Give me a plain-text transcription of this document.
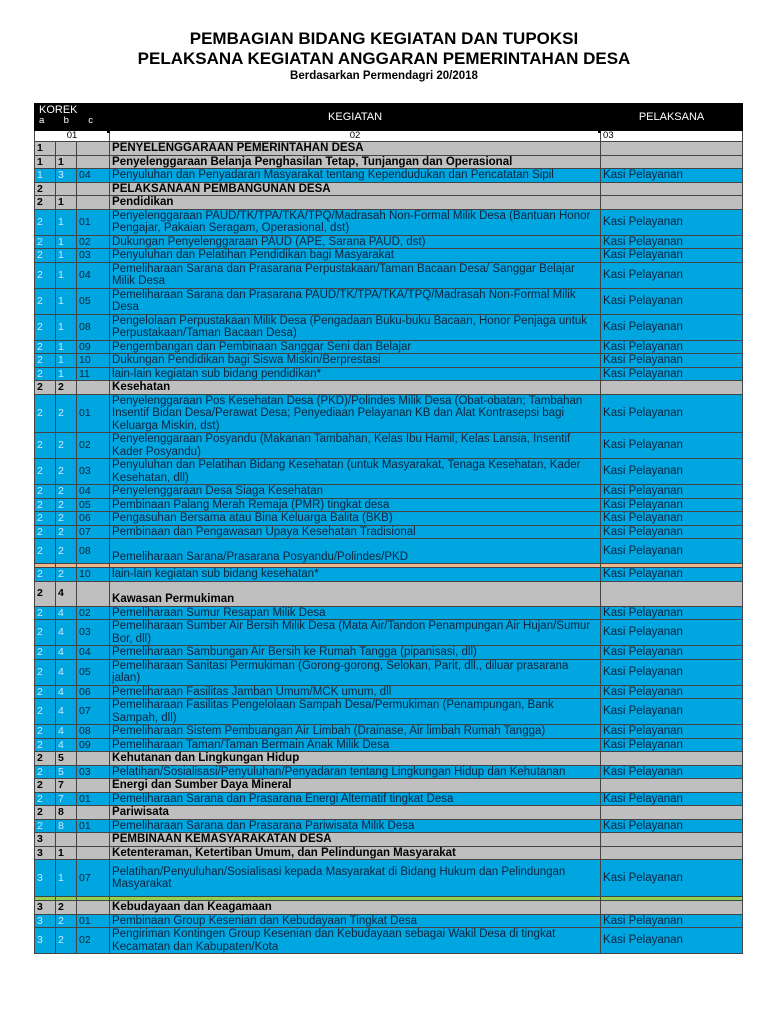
PEMBAGIAN BIDANG KEGIATAN DAN TUPOKSI
PELAKSANA KEGIATAN ANGGARAN PEMERINTAHAN DESA
Berdasarkan Permendagri 20/2018
KOREK
a b c			KEGIATAN	PELAKSANA
01			02	03
1			PENYELENGGARAAN PEMERINTAHAN DESA	
1	1		Penyelenggaraan Belanja Penghasilan Tetap, Tunjangan dan Operasional	
1	3	04	Penyuluhan dan Penyadaran Masyarakat tentang Kependudukan dan Pencatatan Sipil	Kasi Pelayanan
2			PELAKSANAAN PEMBANGUNAN DESA	
2	1		Pendidikan	
2	1	01	Penyelenggaraan PAUD/TK/TPA/TKA/TPQ/Madrasah Non-Formal Milik Desa (Bantuan Honor Pengajar, Pakaian Seragam, Operasional, dst)	Kasi Pelayanan
2	1	02	Dukungan Penyelenggaraan PAUD (APE, Sarana PAUD, dst)	Kasi Pelayanan
2	1	03	Penyuluhan dan Pelatihan Pendidikan bagi Masyarakat	Kasi Pelayanan
2	1	04	Pemeliharaan Sarana dan Prasarana Perpustakaan/Taman Bacaan Desa/ Sanggar Belajar Milik Desa	Kasi Pelayanan
2	1	05	Pemeliharaan Sarana dan Prasarana PAUD/TK/TPA/TKA/TPQ/Madrasah Non-Formal Milik Desa	Kasi Pelayanan
2	1	08	Pengelolaan Perpustakaan Milik Desa (Pengadaan Buku-buku Bacaan, Honor Penjaga untuk Perpustakaan/Taman Bacaan Desa)	Kasi Pelayanan
2	1	09	Pengembangan dan Pembinaan Sanggar Seni dan Belajar	Kasi Pelayanan
2	1	10	Dukungan Pendidikan bagi Siswa Miskin/Berprestasi	Kasi Pelayanan
2	1	11	lain-lain kegiatan sub bidang pendidikan*	Kasi Pelayanan
2	2		Kesehatan	
2	2	01	Penyelenggaraan Pos Kesehatan Desa (PKD)/Polindes Milik Desa (Obat-obatan; Tambahan Insentif Bidan Desa/Perawat Desa; Penyediaan Pelayanan KB dan Alat Kontrasepsi bagi Keluarga Miskin, dst)	Kasi Pelayanan
2	2	02	Penyelenggaraan Posyandu (Makanan Tambahan, Kelas Ibu Hamil, Kelas Lansia, Insentif Kader Posyandu)	Kasi Pelayanan
2	2	03	Penyuluhan dan Pelatihan Bidang Kesehatan (untuk Masyarakat, Tenaga Kesehatan, Kader Kesehatan, dll)	Kasi Pelayanan
2	2	04	Penyelenggaraan Desa Siaga Kesehatan	Kasi Pelayanan
2	2	05	Pembinaan Palang Merah Remaja (PMR) tingkat desa	Kasi Pelayanan
2	2	06	Pengasuhan Bersama atau Bina Keluarga Balita (BKB)	Kasi Pelayanan
2	2	07	Pembinaan dan Pengawasan Upaya Kesehatan Tradisional	Kasi Pelayanan
2	2	08	Pemeliharaan Sarana/Prasarana Posyandu/Polindes/PKD	Kasi Pelayanan

2	2	10	lain-lain kegiatan sub bidang kesehatan*	Kasi Pelayanan
2	4		Kawasan Permukiman	
2	4	02	Pemeliharaan Sumur Resapan Milik Desa	Kasi Pelayanan
2	4	03	Pemeliharaan Sumber Air Bersih Milik Desa (Mata Air/Tandon Penampungan Air Hujan/Sumur Bor, dll)	Kasi Pelayanan
2	4	04	Pemeliharaan Sambungan Air Bersih ke Rumah Tangga (pipanisasi, dll)	Kasi Pelayanan
2	4	05	Pemeliharaan Sanitasi Permukiman (Gorong-gorong, Selokan, Parit, dll., diluar prasarana jalan)	Kasi Pelayanan
2	4	06	Pemeliharaan Fasilitas Jamban Umum/MCK umum, dll	Kasi Pelayanan
2	4	07	Pemeliharaan Fasilitas Pengelolaan Sampah Desa/Permukiman (Penampungan, Bank Sampah, dll)	Kasi Pelayanan
2	4	08	Pemeliharaan Sistem Pembuangan Air Limbah (Drainase, Air limbah Rumah Tangga)	Kasi Pelayanan
2	4	09	Pemeliharaan Taman/Taman Bermain Anak Milik Desa	Kasi Pelayanan
2	5		Kehutanan dan Lingkungan Hidup	
2	5	03	Pelatihan/Sosialisasi/Penyuluhan/Penyadaran tentang Lingkungan Hidup dan Kehutanan	Kasi Pelayanan
2	7		Energi dan Sumber Daya Mineral	
2	7	01	Pemeliharaan Sarana dan Prasarana Energi Alternatif tingkat Desa	Kasi Pelayanan
2	8		Pariwisata	
2	8	01	Pemeliharaan Sarana dan Prasarana Pariwisata Milik Desa	Kasi Pelayanan
3			PEMBINAAN KEMASYARAKATAN DESA	
3	1		Ketenteraman, Ketertiban Umum, dan Pelindungan Masyarakat	
3	1	07	Pelatihan/Penyuluhan/Sosialisasi kepada Masyarakat di Bidang Hukum dan Pelindungan Masyarakat	Kasi Pelayanan

3	2		Kebudayaan dan Keagamaan	
3	2	01	Pembinaan Group Kesenian dan Kebudayaan Tingkat Desa	Kasi Pelayanan
3	2	02	Pengiriman Kontingen Group Kesenian dan Kebudayaan sebagai Wakil Desa di tingkat Kecamatan dan Kabupaten/Kota	Kasi Pelayanan
